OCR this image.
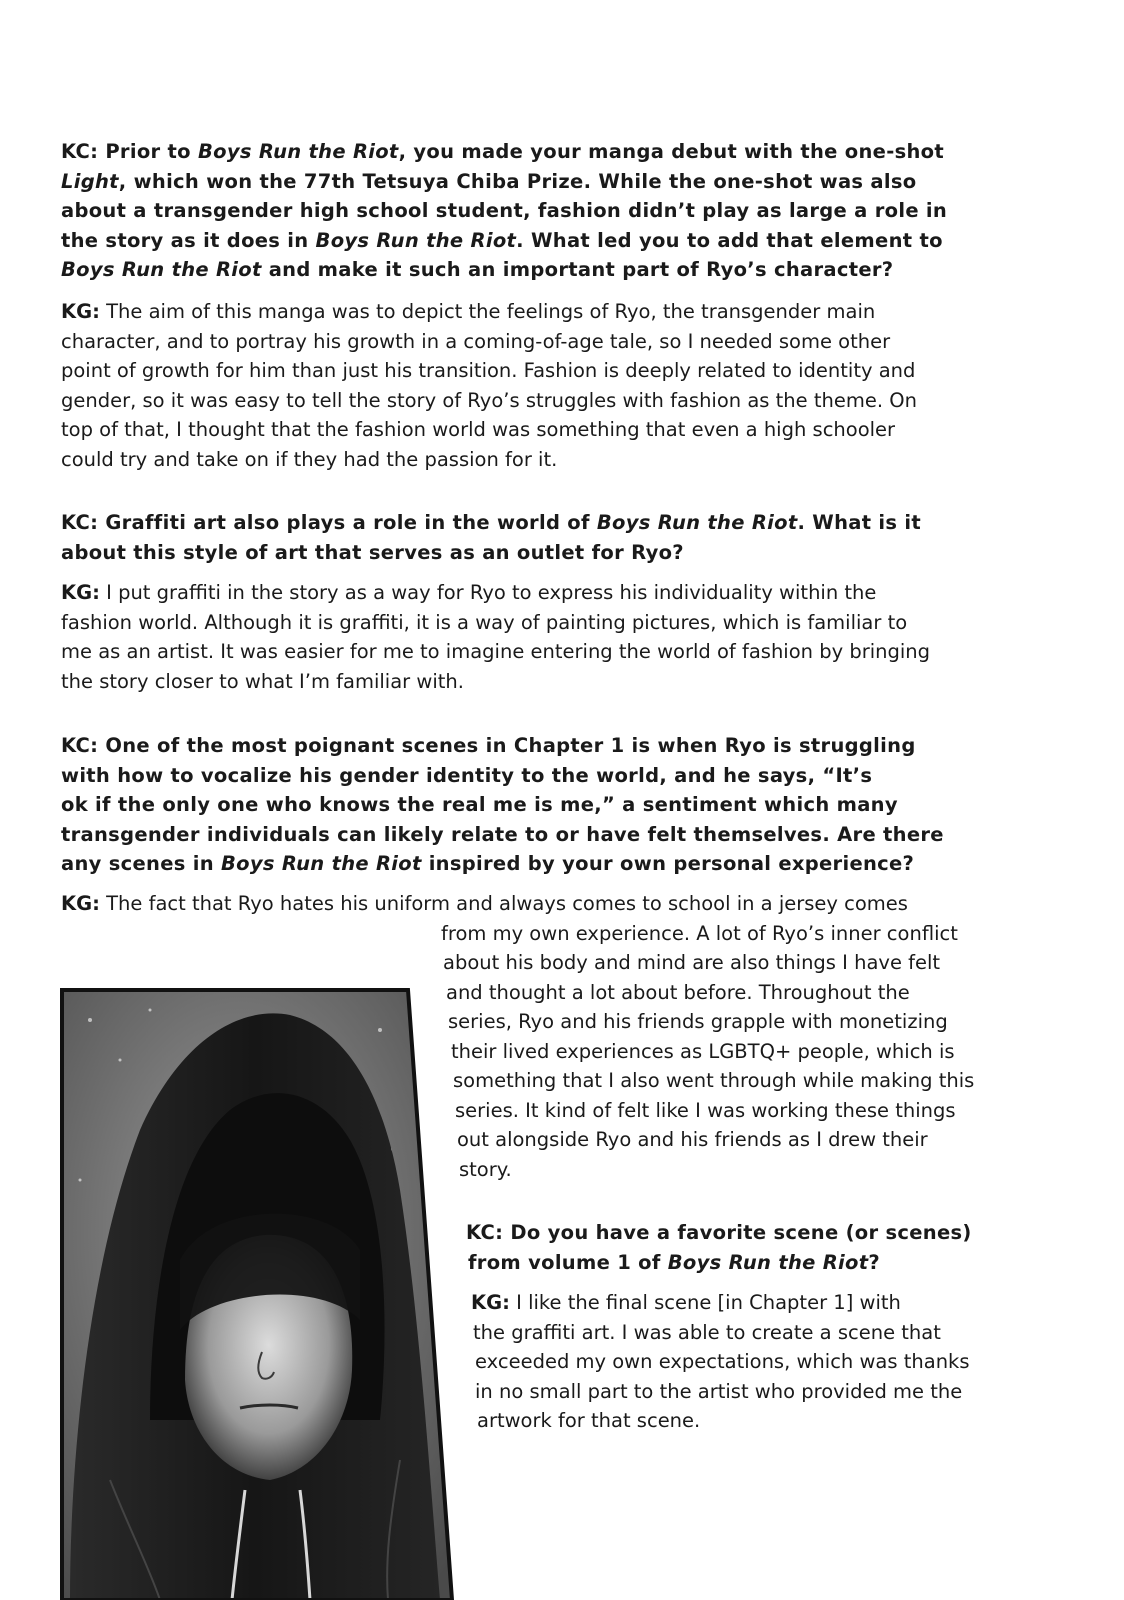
KC: Prior to Boys Run the Riot, you made your manga debut with the one-shot
Light, which won the 77th Tetsuya Chiba Prize. While the one-shot was also
about a transgender high school student, fashion didn’t play as large a role in
the story as it does in Boys Run the Riot. What led you to add that element to
Boys Run the Riot and make it such an important part of Ryo’s character?
KG: The aim of this manga was to depict the feelings of Ryo, the transgender main
character, and to portray his growth in a coming-of-age tale, so I needed some other
point of growth for him than just his transition. Fashion is deeply related to identity and
gender, so it was easy to tell the story of Ryo’s struggles with fashion as the theme. On
top of that, I thought that the fashion world was something that even a high schooler
could try and take on if they had the passion for it.
KC: Graffiti art also plays a role in the world of Boys Run the Riot. What is it
about this style of art that serves as an outlet for Ryo?
KG: I put graffiti in the story as a way for Ryo to express his individuality within the
fashion world. Although it is graffiti, it is a way of painting pictures, which is familiar to
me as an artist. It was easier for me to imagine entering the world of fashion by bringing
the story closer to what I’m familiar with.
KC: One of the most poignant scenes in Chapter 1 is when Ryo is struggling
with how to vocalize his gender identity to the world, and he says, “It’s
ok if the only one who knows the real me is me,” a sentiment which many
transgender individuals can likely relate to or have felt themselves. Are there
any scenes in Boys Run the Riot inspired by your own personal experience?
KG: The fact that Ryo hates his uniform and always comes to school in a jersey comes
from my own experience. A lot of Ryo’s inner conflict
about his body and mind are also things I have felt
and thought a lot about before. Throughout the
series, Ryo and his friends grapple with monetizing
their lived experiences as LGBTQ+ people, which is
something that I also went through while making this
series. It kind of felt like I was working these things
out alongside Ryo and his friends as I drew their
story.
KC: Do you have a favorite scene (or scenes)
from volume 1 of Boys Run the Riot?
KG: I like the final scene [in Chapter 1] with
the graffiti art. I was able to create a scene that
exceeded my own expectations, which was thanks
in no small part to the artist who provided me the
artwork for that scene.
